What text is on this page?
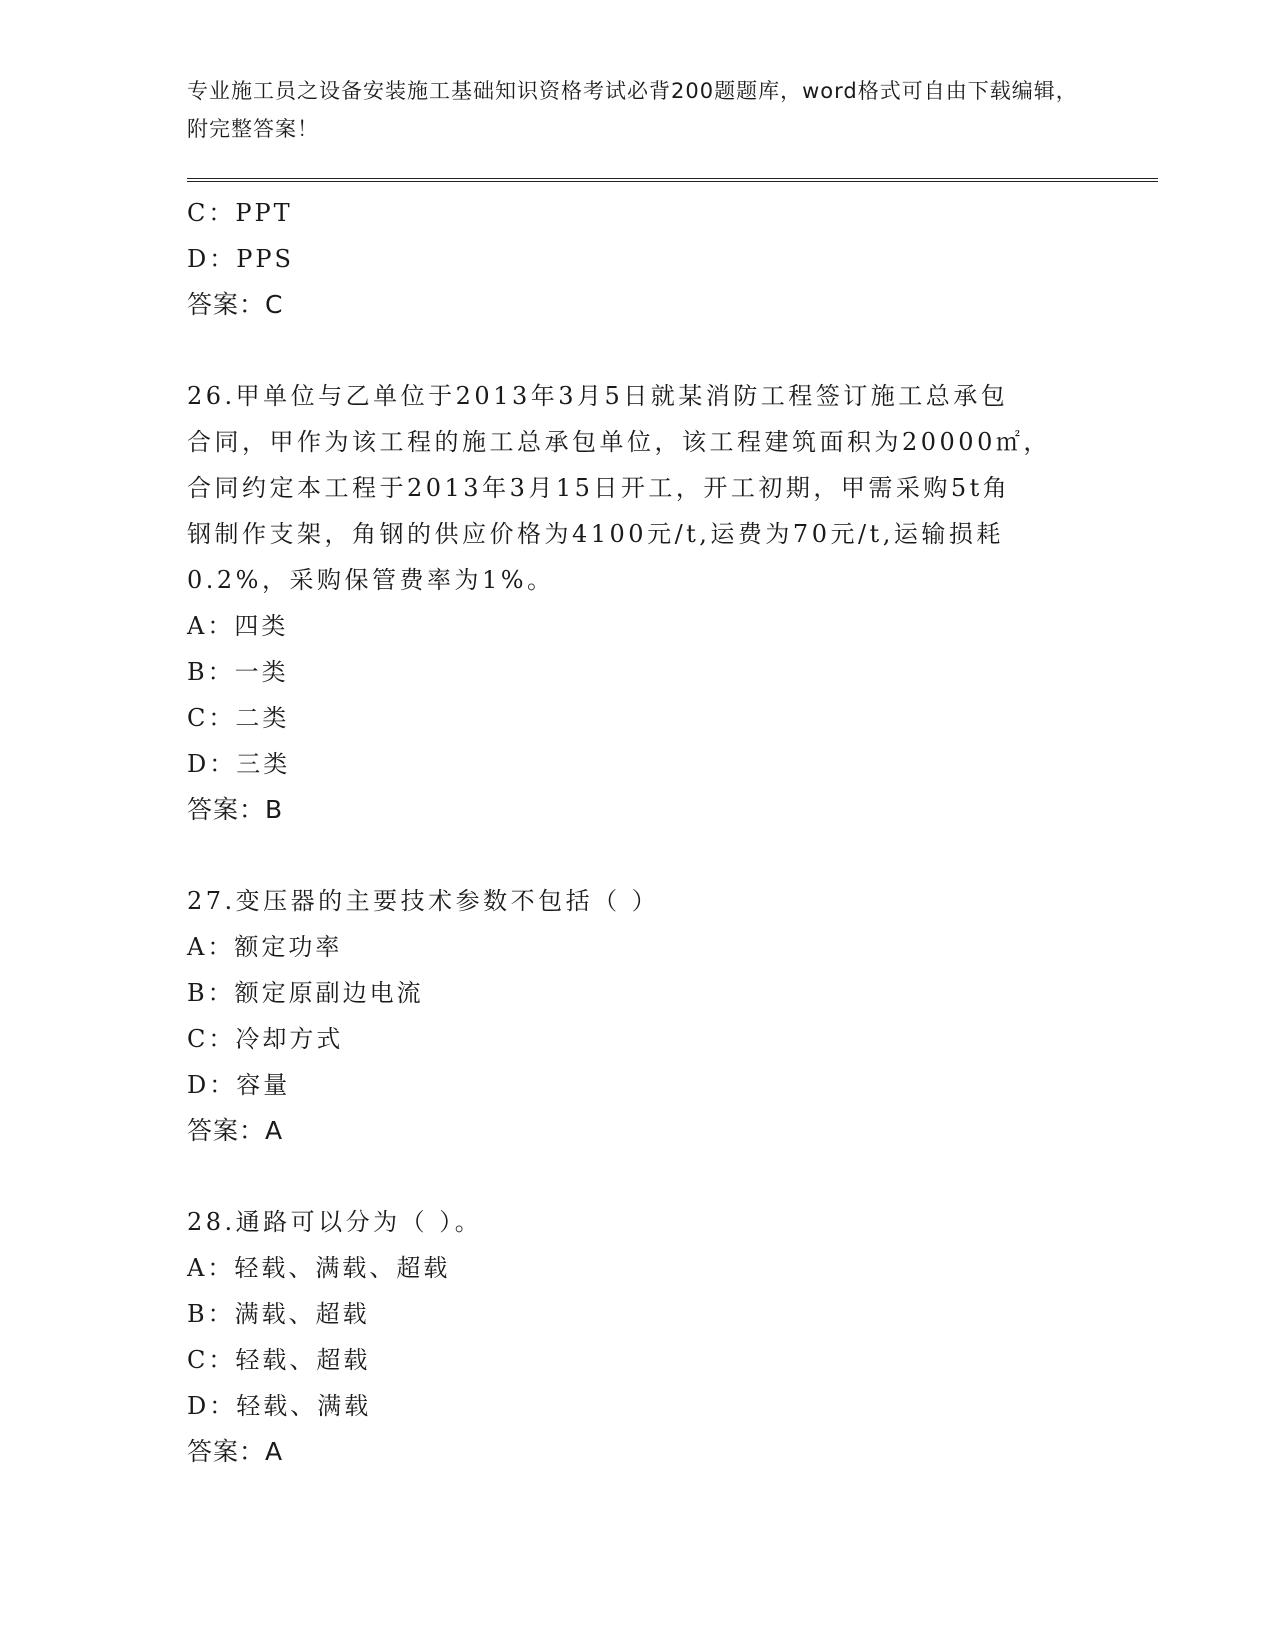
专业施工员之设备安装施工基础知识资格考试必背200题题库，word格式可自由下载编辑，附完整答案！
C：PPT
D：PPS
答案：C
26.甲单位与乙单位于2013年3月5日就某消防工程签订施工总承包
合同，甲作为该工程的施工总承包单位，该工程建筑面积为20000㎡，
合同约定本工程于2013年3月15日开工，开工初期，甲需采购5t角
钢制作支架，角钢的供应价格为4100元/t,运费为70元/t,运输损耗
0.2%，采购保管费率为1%。
A：四类
B：一类
C：二类
D：三类
答案：B
27.变压器的主要技术参数不包括（ ）
A：额定功率
B：额定原副边电流
C：冷却方式
D：容量
答案：A
28.通路可以分为（ ）。
A：轻载、满载、超载
B：满载、超载
C：轻载、超载
D：轻载、满载
答案：A
